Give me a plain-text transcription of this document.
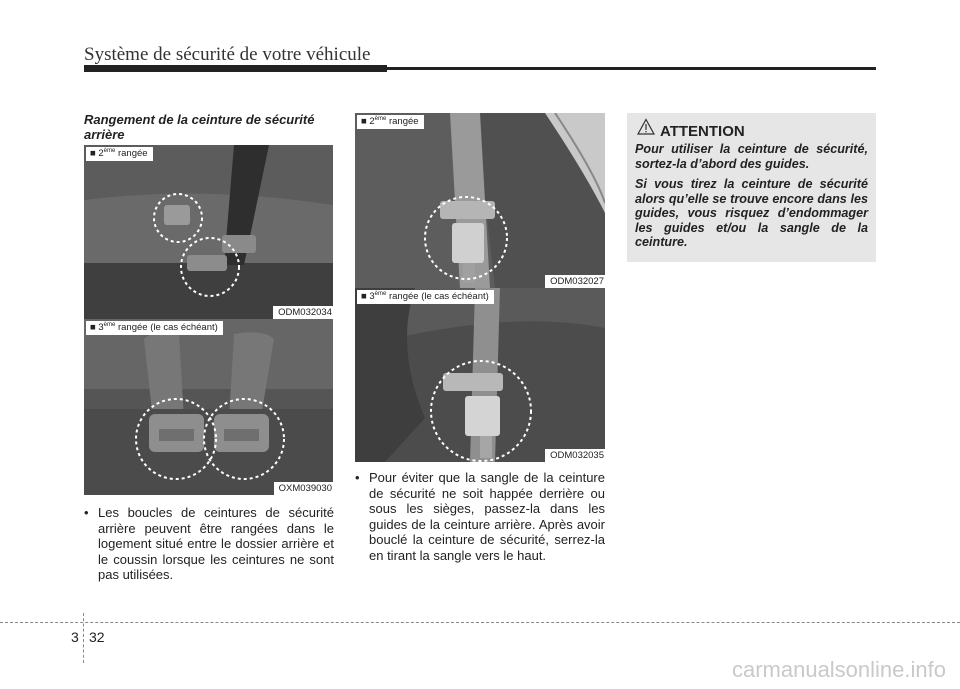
Système de sécurité de votre véhicule
Rangement de la ceinture de sécurité arrière
■ 2ème rangée
ODM032034
■ 3ème rangée (le cas échéant)
OXM039030
■ 2ème rangée
ODM032027
■ 3ème rangée (le cas échéant)
ODM032035
• Les boucles de ceintures de sécurité arrière peuvent être rangées dans le logement situé entre le dossier arrière et le coussin lorsque les ceintures ne sont pas utilisées.
• Pour éviter que la sangle de la ceinture de sécurité ne soit happée derrière ou sous les sièges, passez-la dans les guides de la ceinture arrière. Après avoir bouclé la ceinture de sécurité, serrez-la en tirant la sangle vers le haut.
ATTENTION
Pour utiliser la ceinture de sécurité, sortez-la d’abord des guides.
Si vous tirez la ceinture de sécurité alors qu’elle se trouve encore dans les guides, vous risquez d’endommager les guides et/ou la sangle de la ceinture.
3 32
carmanualsonline.info
